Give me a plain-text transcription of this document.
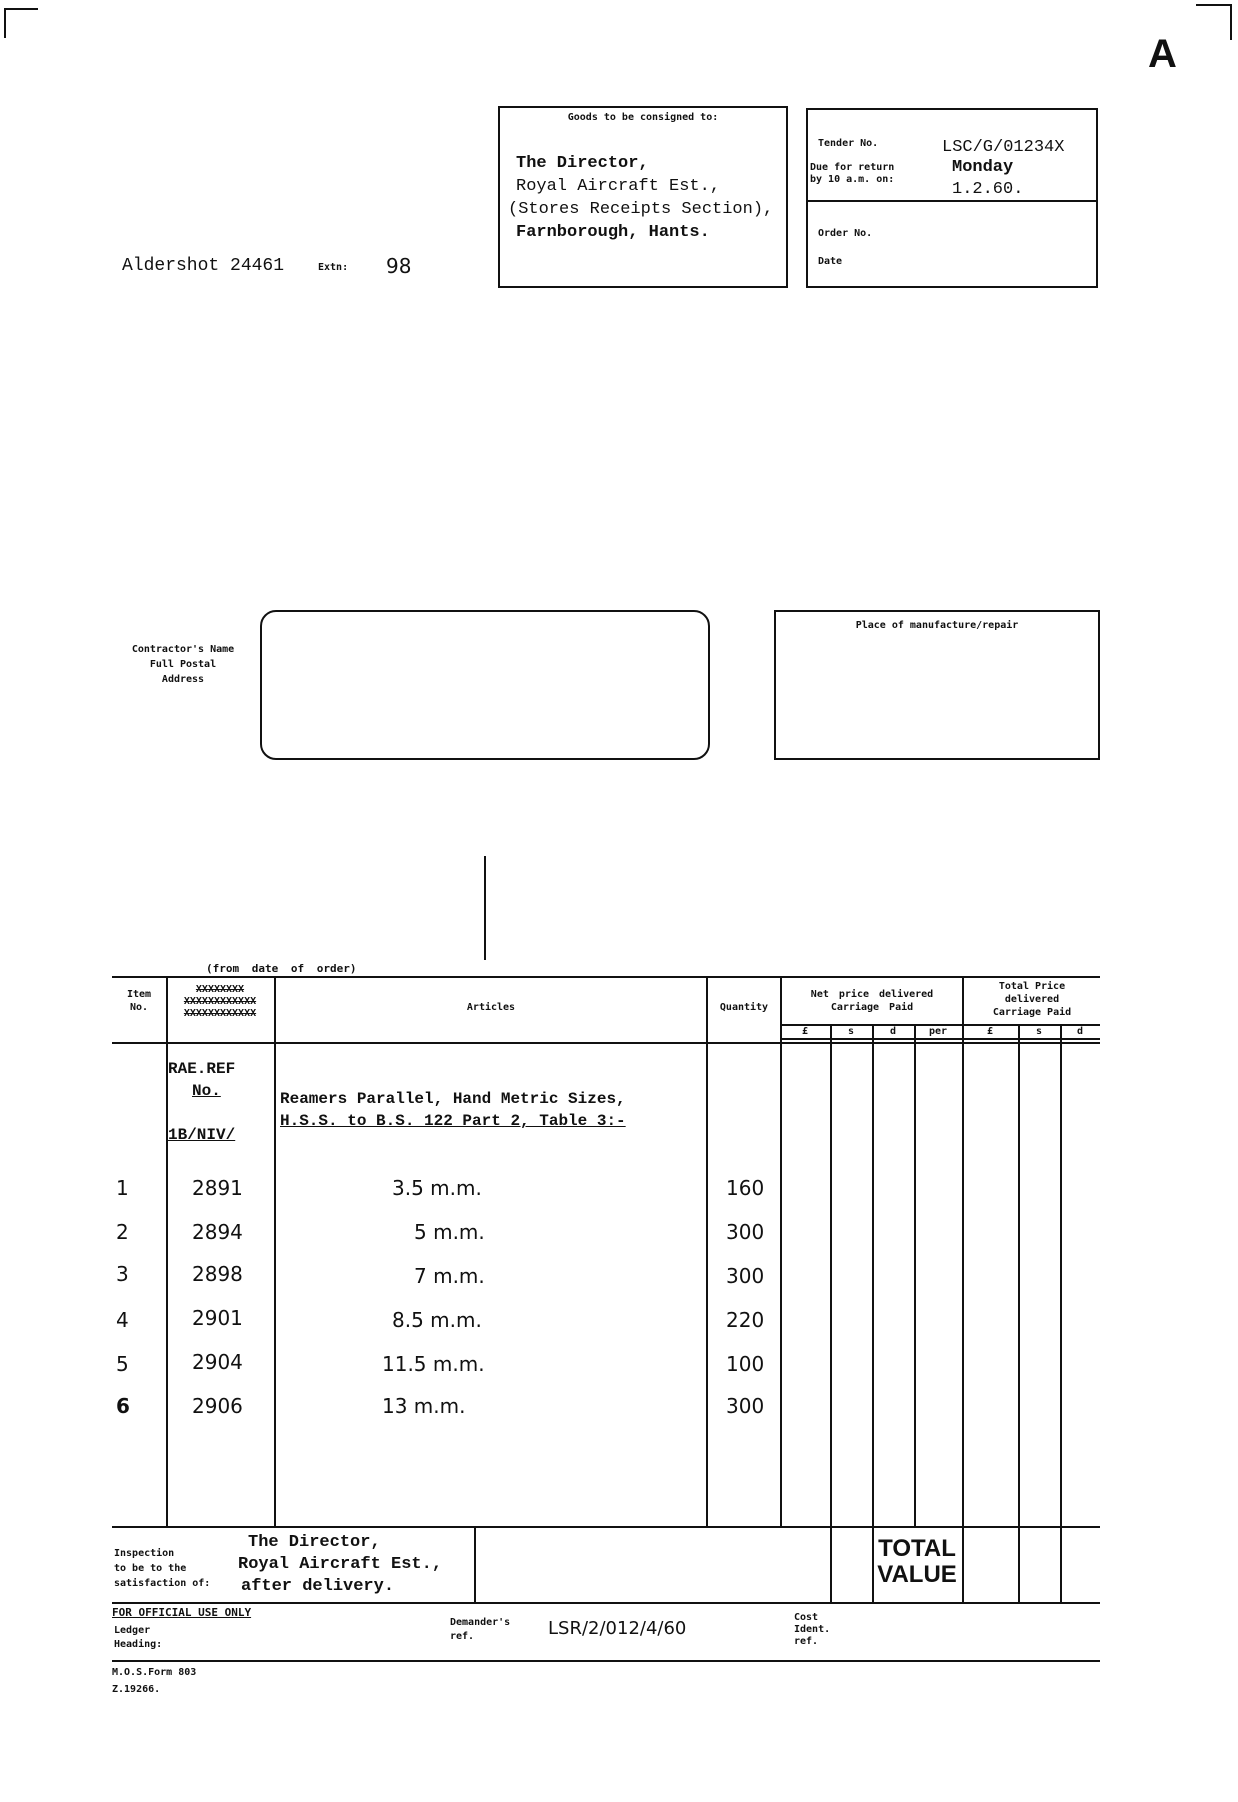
A
Aldershot 24461	Extn: 98
Goods to be consigned to:
The Director,
Royal Aircraft Est.,
(Stores Receipts Section),
Farnborough, Hants.
Tender No.	LSC/G/01234X
Due for return
by 10 a.m. on:
Monday
1.2.60.
Order No.
Date
Contractor's Name
Full Postal
Address
Place of manufacture/repair
(from date of order)
Item No.
XXXXXXXX
XXXXXXXXXXXX
XXXXXXXXXXXX
Articles	Quantity
Net price delivered
Carriage Paid
Total Price
delivered
Carriage Paid
£	s	d	per	£	s	d
RAE.REF
No.
1B/NIV/
Reamers Parallel, Hand Metric Sizes,
H.S.S. to B.S. 122 Part 2, Table 3:-
1	2891	3.5 m.m.	160
2	2894	5 m.m.	300
3	2898	7 m.m.	300
4	2901	8.5 m.m.	220
5	2904	11.5 m.m.	100
6	2906	13 m.m.	300
Inspection
to be to the
satisfaction of:
The Director,
Royal Aircraft Est.,
after delivery.
TOTAL
VALUE
FOR OFFICIAL USE ONLY
Ledger
Heading:
Demander's
ref.	LSR/2/012/4/60
Cost
Ident.
ref.
M.O.S.Form 803
Z.19266.
